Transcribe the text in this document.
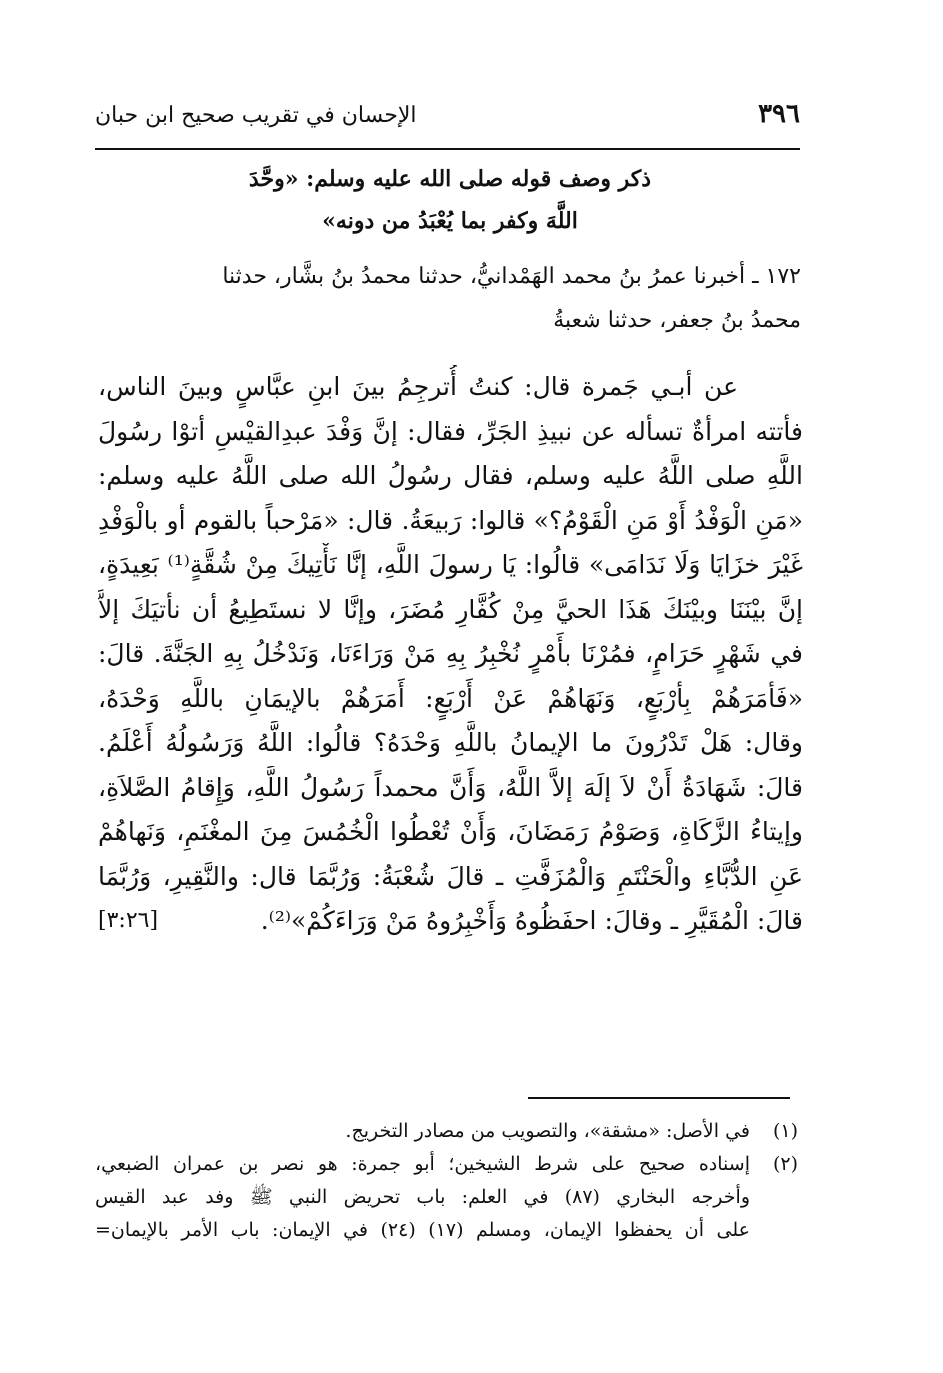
٣٩٦
الإحسان في تقريب صحيح ابن حبان
ذكر وصف قوله صلى الله عليه وسلم: «وحَّدَ
اللَّهَ وكفر بما يُعْبَدُ من دونه»
١٧٢ ـ أخبرنا عمرُ بنُ محمد الهَمْدانيُّ، حدثنا محمدُ بنُ بشَّار، حدثنا
محمدُ بنُ جعفر، حدثنا شعبةُ
عن أبـي جَمرة قال: كنتُ أُترجِمُ بينَ ابنِ عبَّاسٍ وبينَ الناس،
فأتته امرأةٌ تسأله عن نبيذِ الجَرِّ، فقال: إنَّ وَفْدَ عبدِالقيْسِ أتوْا رسُولَ
اللَّهِ صلى اللَّهُ عليه وسلم، فقال رسُولُ الله صلى اللَّهُ عليه وسلم:
«مَنِ الْوَفْدُ أَوْ مَنِ الْقَوْمُ؟» قالوا: رَبيعَةُ. قال: «مَرْحباً بالقوم أو بالْوَفْدِ
غَيْرَ خزَايَا وَلَا نَدَامَى» قالُوا: يَا رسولَ اللَّهِ، إنَّا نَأْتِيكَ مِنْ شُقَّةٍ⁽¹⁾ بَعِيدَةٍ،
إنَّ بيْنَنَا وبيْنَكَ هَذَا الحيَّ مِنْ كُفَّارِ مُضَرَ، وإنَّا لا نستَطِيعُ أن نأتيَكَ إلاَّ
في شَهْرٍ حَرَامٍ، فمُرْنَا بأَمْرٍ نُخْبِرُ بِهِ مَنْ وَرَاءَنَا، وَنَدْخُلُ بِهِ الجَنَّةَ. قالَ:
«فَأمَرَهُمْ بِأرْبَعٍ، وَنَهَاهُمْ عَنْ أَرْبَعٍ: أَمَرَهُمْ بالإيمَانِ باللَّهِ وَحْدَهُ،
وقال: هَلْ تَدْرُونَ ما الإيمانُ باللَّهِ وَحْدَهُ؟ قالُوا: اللَّهُ وَرَسُولُهُ أَعْلَمُ.
قالَ: شَهَادَةُ أَنْ لاَ إلَهَ إلاَّ اللَّهُ، وَأَنَّ محمداً رَسُولُ اللَّهِ، وَإِقامُ الصَّلاَةِ،
وإيتاءُ الزَّكَاةِ، وَصَوْمُ رَمَضَانَ، وَأَنْ تُعْطُوا الْخُمُسَ مِنَ المغْنَمِ، وَنَهاهُمْ
عَنِ الدُّبَّاءِ والْحَنْتَمِ وَالْمُزَفَّتِ ـ قالَ شُعْبَةُ: وَرُبَّمَا قال: والنَّقِيرِ، وَرُبَّمَا
قالَ: الْمُقَيَّرِ ـ وقالَ: احفَظُوهُ وَأَخْبِرُوهُ مَنْ وَرَاءَكُمْ»⁽²⁾.
[٣:٢٦]
(١)
في الأصل: «مشقة»، والتصويب من مصادر التخريج.
(٢)
إسناده صحيح على شرط الشيخين؛ أبو جمرة: هو نصر بن عمران الضبعي،
وأخرجه البخاري (٨٧) في العلم: باب تحريض النبي ﷺ وفد عبد القيس
على أن يحفظوا الإيمان، ومسلم (١٧) (٢٤) في الإيمان: باب الأمر بالإيمان=
